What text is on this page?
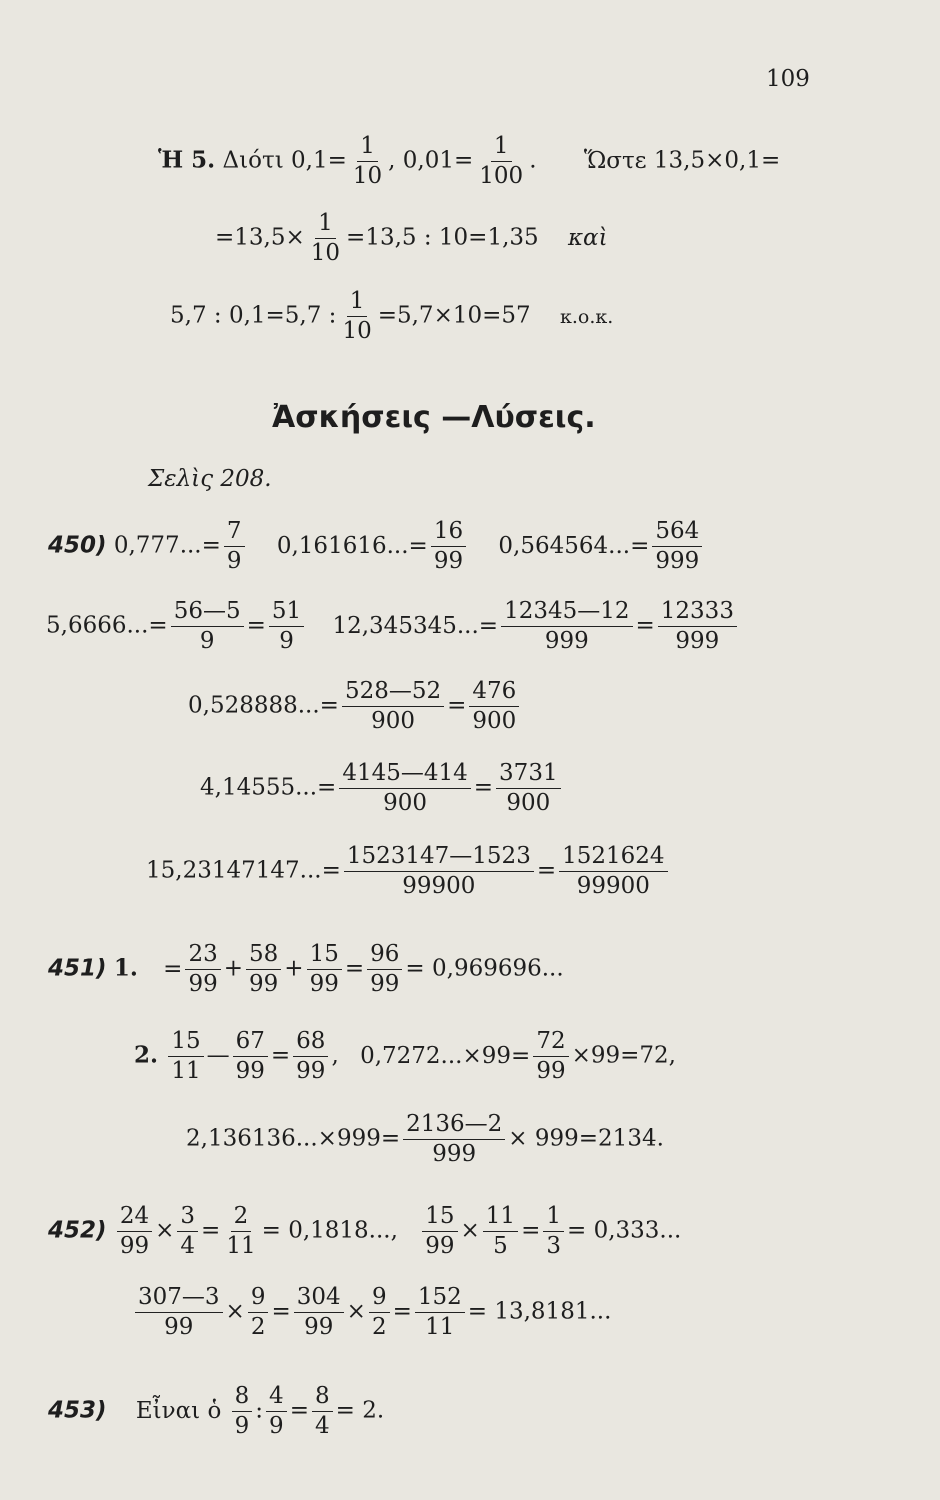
109
Ἡ 5. Διότι $0,1= \frac{1}{10}$ , $0,01= \frac{1}{100}$ . Ὥστε 13,5×0,1=
$=13,5\times \frac{1}{10} =13,5$ : 10=1,35 καὶ
5,7 : 0,1=5,7 : $\frac{1}{10} =5,7\times 10=57$ κ.ο.κ.
Ἀσκήσεις —Λύσεις.
Σελὶς 208.
450) $0,777...= \frac{7}{9} 0,161616...= \frac{16}{99} 0,564564...= \frac{564}{999}$
$5,6666...= \frac{56—5}{9} = \frac{51}{9} 12,345345...= \frac{12345—12}{999} = \frac{12333}{999}$
$0,528888...= \frac{528—52}{900} = \frac{476}{900}$
$4,14555...= \frac{4145—414}{900} = \frac{3731}{900}$
$15,23147147...= \frac{1523147—1523}{99900} = \frac{1521624}{99900}$
451) 1. = $\frac{23}{99} + \frac{58}{99} + \frac{15}{99} = \frac{96}{99} = 0,969696$...
2. $\frac{15}{11}$ — $\frac{67}{99} = \frac{68}{99}$ , $0,7272...\times 99= \frac{72}{99} \times 99=72$,
$2,136136...\times 999= \frac{2136—2}{999} \times 999=2134$.
$452) \frac{24}{99} \times \frac{3}{4} = \frac{2}{11} = 0,1818$..., $\frac{15}{99} \times \frac{11}{5} = \frac{1}{3} = 0,333$...
$\frac{307—3}{99} \times \frac{9}{2} = \frac{304}{99} \times \frac{9}{2} = \frac{152}{11} = 13,8181$...
453) Εἶναι ὁ $\frac{8}{9}$ : $\frac{4}{9} = \frac{8}{4} = 2$.
